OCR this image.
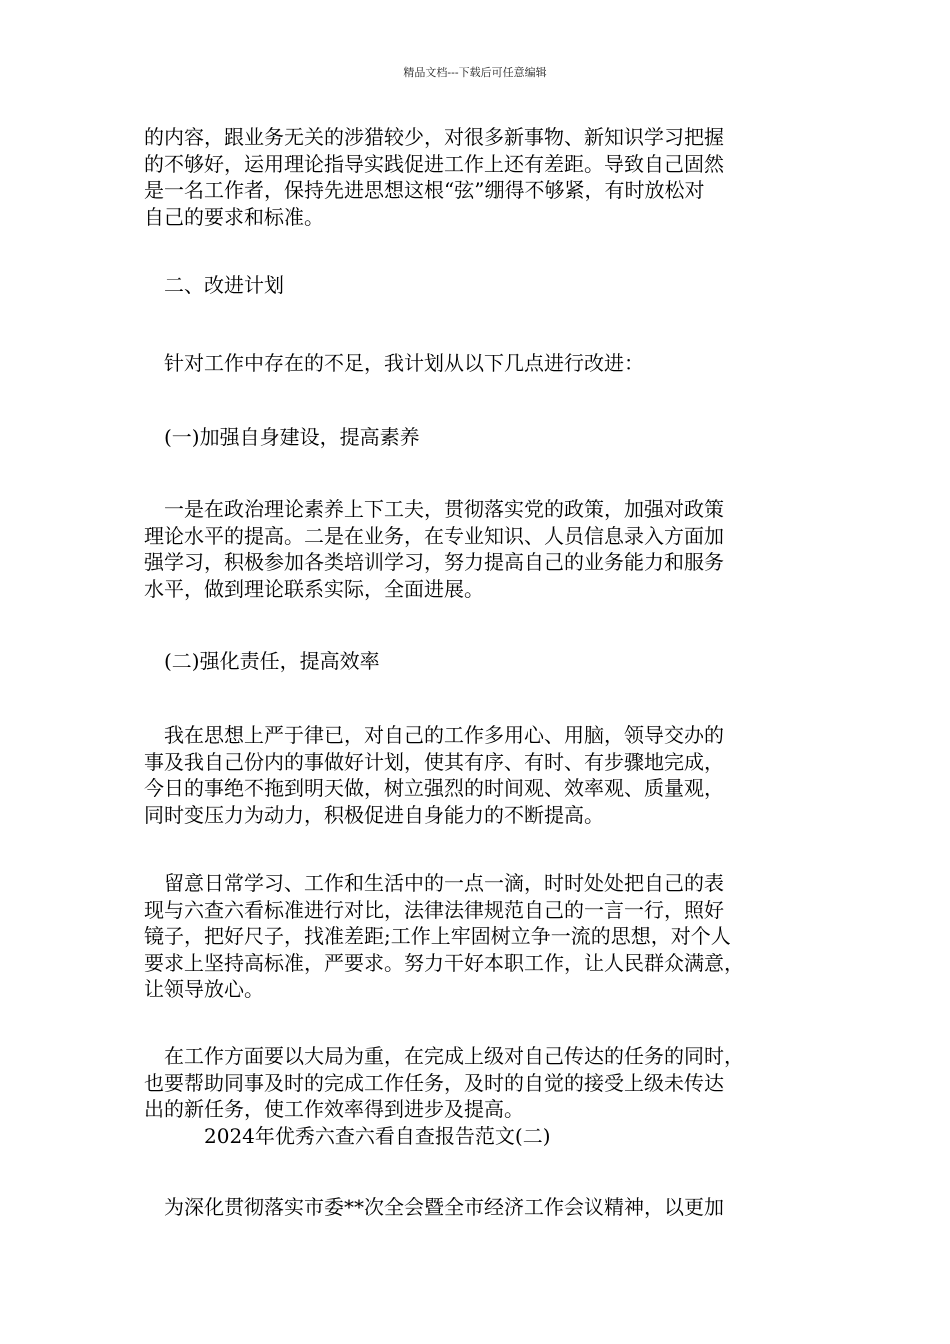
精品文档---下载后可任意编辑
的内容，跟业务无关的涉猎较少，对很多新事物、新知识学习把握
的不够好，运用理论指导实践促进工作上还有差距。导致自己固然
是一名工作者，保持先进思想这根“弦”绷得不够紧，有时放松对
自己的要求和标准。
　二、改进计划
　针对工作中存在的不足，我计划从以下几点进行改进：
　(一)加强自身建设，提高素养
　一是在政治理论素养上下工夫，贯彻落实党的政策，加强对政策
理论水平的提高。二是在业务，在专业知识、人员信息录入方面加
强学习，积极参加各类培训学习，努力提高自己的业务能力和服务
水平，做到理论联系实际，全面进展。
　(二)强化责任，提高效率
　我在思想上严于律已，对自己的工作多用心、用脑，领导交办的
事及我自己份内的事做好计划，使其有序、有时、有步骤地完成，
今日的事绝不拖到明天做，树立强烈的时间观、效率观、质量观，
同时变压力为动力，积极促进自身能力的不断提高。
　留意日常学习、工作和生活中的一点一滴，时时处处把自己的表
现与六查六看标准进行对比，法律法律规范自己的一言一行，照好
镜子，把好尺子，找准差距;工作上牢固树立争一流的思想，对个人
要求上坚持高标准，严要求。努力干好本职工作，让人民群众满意，
让领导放心。
　在工作方面要以大局为重，在完成上级对自己传达的任务的同时，
也要帮助同事及时的完成工作任务，及时的自觉的接受上级未传达
出的新任务，使工作效率得到进步及提高。
　　　2024年优秀六查六看自查报告范文(二)
　为深化贯彻落实市委**次全会暨全市经济工作会议精神，以更加
